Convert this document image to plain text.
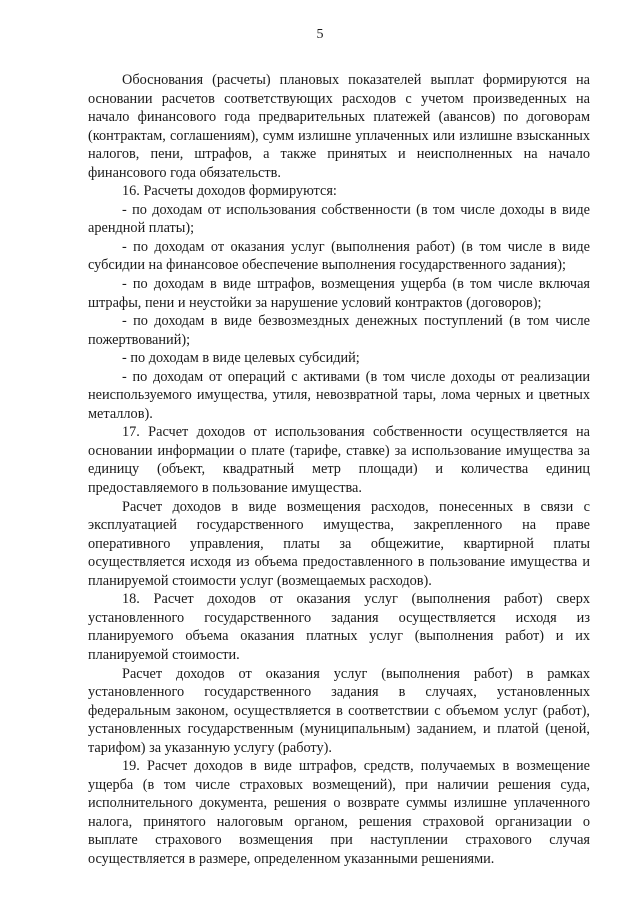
5

Обоснования (расчеты) плановых показателей выплат формируются на основании расчетов соответствующих расходов с учетом произведенных на начало финансового года предварительных платежей (авансов) по договорам (контрактам, соглашениям), сумм излишне уплаченных или излишне взысканных налогов, пени, штрафов, а также принятых и неисполненных на начало финансового года обязательств.

16. Расчеты доходов формируются:

- по доходам от использования собственности (в том числе доходы в виде арендной платы);

- по доходам от оказания услуг (выполнения работ) (в том числе в виде субсидии на финансовое обеспечение выполнения государственного задания);

- по доходам в виде штрафов, возмещения ущерба (в том числе включая штрафы, пени и неустойки за нарушение условий контрактов (договоров);

- по доходам в виде безвозмездных денежных поступлений (в том числе пожертвований);

- по доходам в виде целевых субсидий;

- по доходам от операций с активами (в том числе доходы от реализации неиспользуемого имущества, утиля, невозвратной тары, лома черных и цветных металлов).

17. Расчет доходов от использования собственности осуществляется на основании информации о плате (тарифе, ставке) за использование имущества за единицу (объект, квадратный метр площади) и количества единиц предоставляемого в пользование имущества.

Расчет доходов в виде возмещения расходов, понесенных в связи с эксплуатацией государственного имущества, закрепленного на праве оперативного управления, платы за общежитие, квартирной платы осуществляется исходя из объема предоставленного в пользование имущества и планируемой стоимости услуг (возмещаемых расходов).

18. Расчет доходов от оказания услуг (выполнения работ) сверх установленного государственного задания осуществляется исходя из планируемого объема оказания платных услуг (выполнения работ) и их планируемой стоимости.

Расчет доходов от оказания услуг (выполнения работ) в рамках установленного государственного задания в случаях, установленных федеральным законом, осуществляется в соответствии с объемом услуг (работ), установленных государственным (муниципальным) заданием, и платой (ценой, тарифом) за указанную услугу (работу).

19. Расчет доходов в виде штрафов, средств, получаемых в возмещение ущерба (в том числе страховых возмещений), при наличии решения суда, исполнительного документа, решения о возврате суммы излишне уплаченного налога, принятого налоговым органом, решения страховой организации о выплате страхового возмещения при наступлении страхового случая осуществляется в размере, определенном указанными решениями.
